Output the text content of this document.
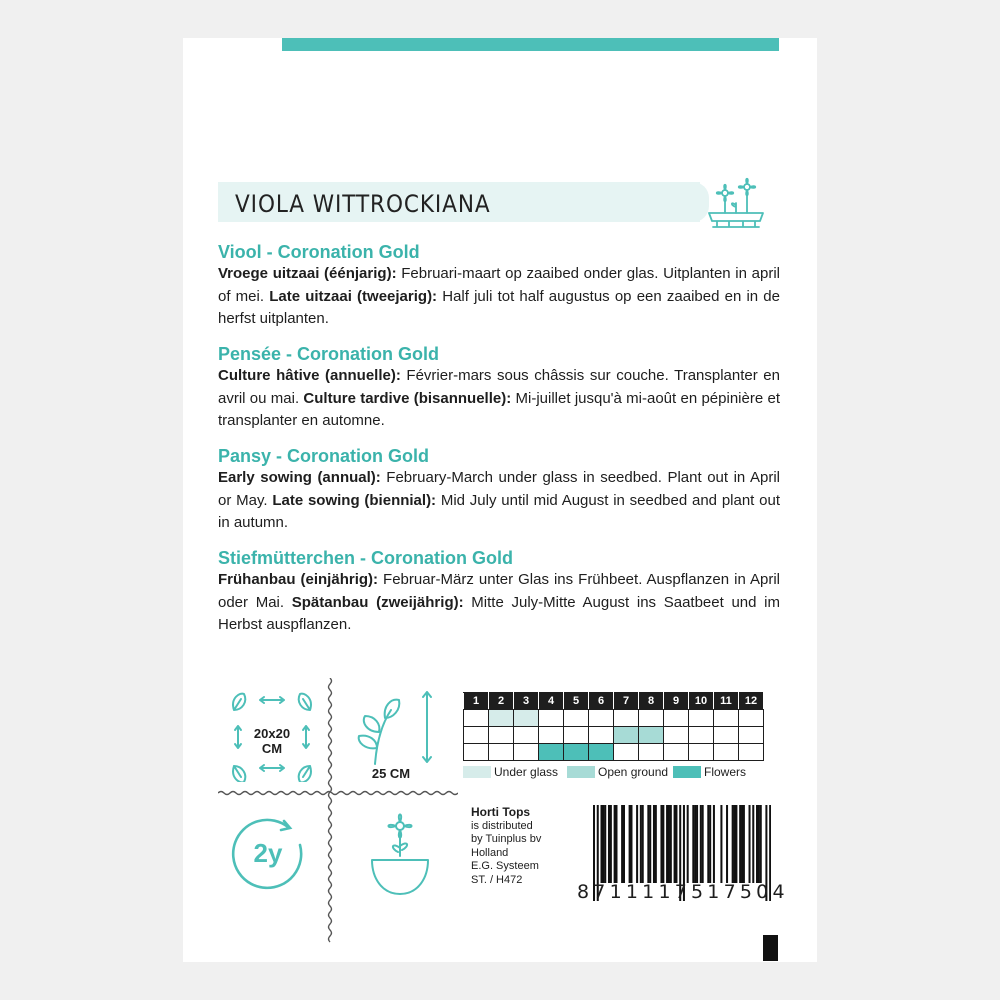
VIOLA WITTROCKIANA
Viool - Coronation Gold

Vroege uitzaai (éénjarig): Februari-maart op zaaibed onder glas. Uitplanten in april of mei. Late uitzaai (tweejarig): Half juli tot half augustus op een zaaibed en in de herfst uitplanten.

Pensée - Coronation Gold

Culture hâtive (annuelle): Février-mars sous châssis sur couche. Transplanter en avril ou mai. Culture tardive (bisannuelle): Mi-juillet jusqu'à mi-août en pépinière et transplanter en automne.

Pansy - Coronation Gold

Early sowing (annual): February-March under glass in seedbed. Plant out in April or May. Late sowing (biennial): Mid July until mid August in seedbed and plant out in autumn.

Stiefmütterchen - Coronation Gold

Frühanbau (einjährig): Februar-März unter Glas ins Frühbeet. Auspflanzen in April oder Mai. Spätanbau (zweijährig): Mitte July-Mitte August ins Saatbeet und im Herbst auspflanzen.

20x20
CM
25 CM
2y
1	2	3	4	5	6	7	8	9	10	11	12

Under glass	Open ground	Flowers
Horti Tops
is distributed
by Tuinplus bv
Holland
E.G. Systeem
ST. / H472
8711117517504
